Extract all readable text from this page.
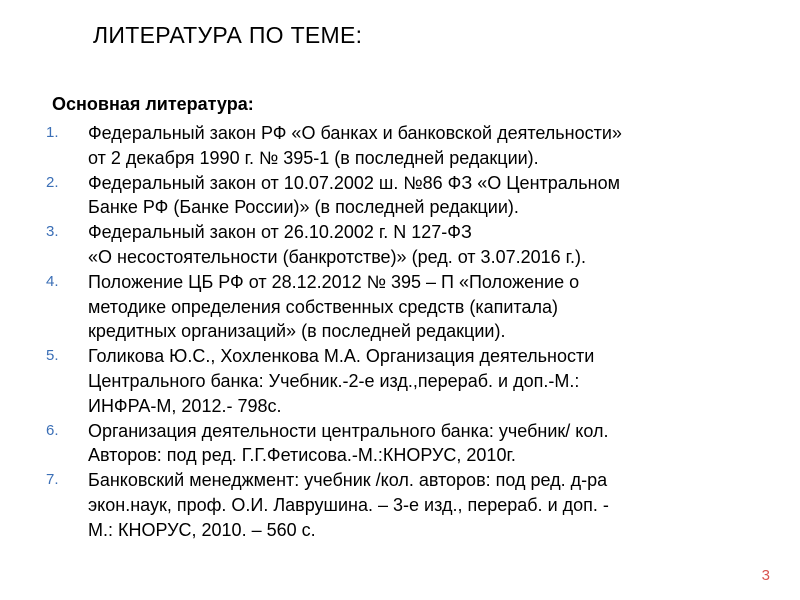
ЛИТЕРАТУРА ПО ТЕМЕ:
Основная литература:
1. Федеральный закон РФ «О банках и банковской деятельности»
от 2 декабря 1990 г. № 395-1 (в последней редакции).
2. Федеральный закон от 10.07.2002 ш. №86 ФЗ «О Центральном
Банке РФ (Банке России)» (в последней редакции).
3. Федеральный закон от 26.10.2002 г. N 127-ФЗ
«О несостоятельности (банкротстве)» (ред. от 3.07.2016 г.).
4. Положение ЦБ РФ от 28.12.2012 № 395 – П «Положение о
методике определения собственных средств (капитала)
кредитных организаций» (в последней редакции).
5. Голикова Ю.С., Хохленкова М.А. Организация деятельности
Центрального банка: Учебник.-2-е изд.,перераб. и доп.-М.:
ИНФРА-М, 2012.- 798с.
6. Организация деятельности центрального банка: учебник/ кол.
Авторов: под ред. Г.Г.Фетисова.-М.:КНОРУС, 2010г.
7. Банковский менеджмент: учебник /кол. авторов: под ред. д-ра
экон.наук, проф. О.И. Лаврушина. – 3-е изд., перераб. и доп. -
М.: КНОРУС, 2010. – 560 с.
3
